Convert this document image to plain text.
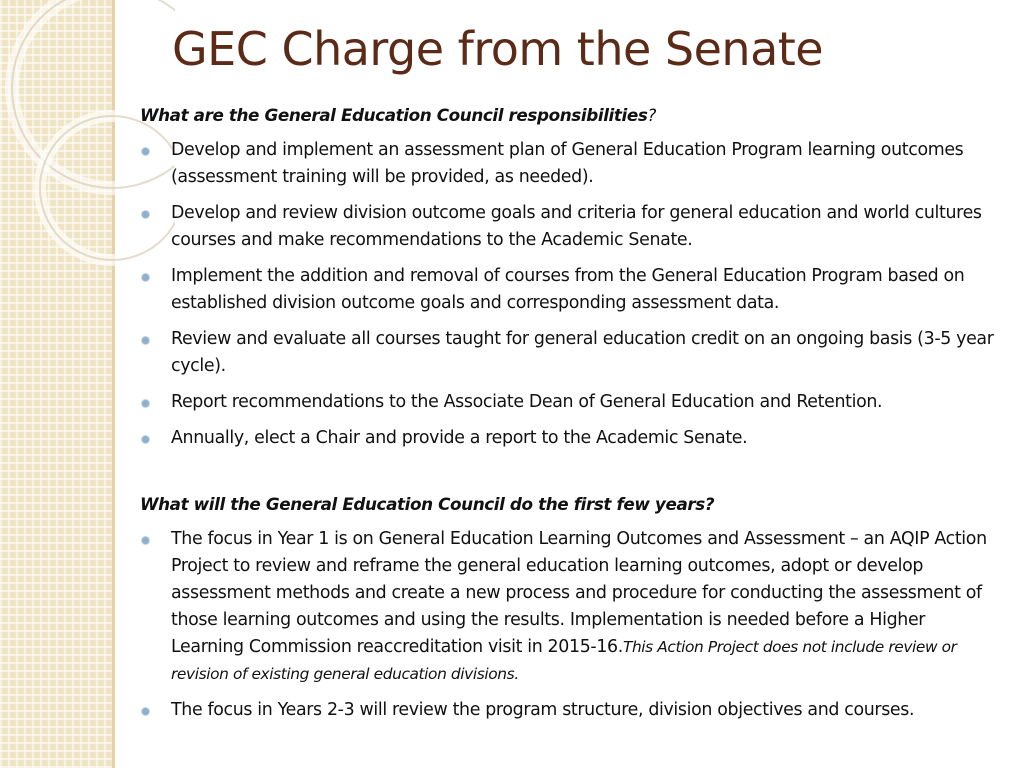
GEC Charge from the Senate
What are the General Education Council responsibilities?
Develop and implement an assessment plan of General Education Program learning outcomes (assessment training will be provided, as needed).
Develop and review division outcome goals and criteria for general education and world cultures courses and make recommendations to the Academic Senate.
Implement the addition and removal of courses from the General Education Program based on established division outcome goals and corresponding assessment data.
Review and evaluate all courses taught for general education credit on an ongoing basis (3-5 year cycle).
Report recommendations to the Associate Dean of General Education and Retention.
Annually, elect a Chair and provide a report to the Academic Senate.
What will the General Education Council do the first few years?
The focus in Year 1 is on General Education Learning Outcomes and Assessment – an AQIP Action Project to review and reframe the general education learning outcomes, adopt or develop assessment methods and create a new process and procedure for conducting the assessment of those learning outcomes and using the results. Implementation is needed before a Higher Learning Commission reaccreditation visit in 2015-16.This Action Project does not include review or revision of existing general education divisions.
The focus in Years 2-3 will review the program structure, division objectives and courses.
